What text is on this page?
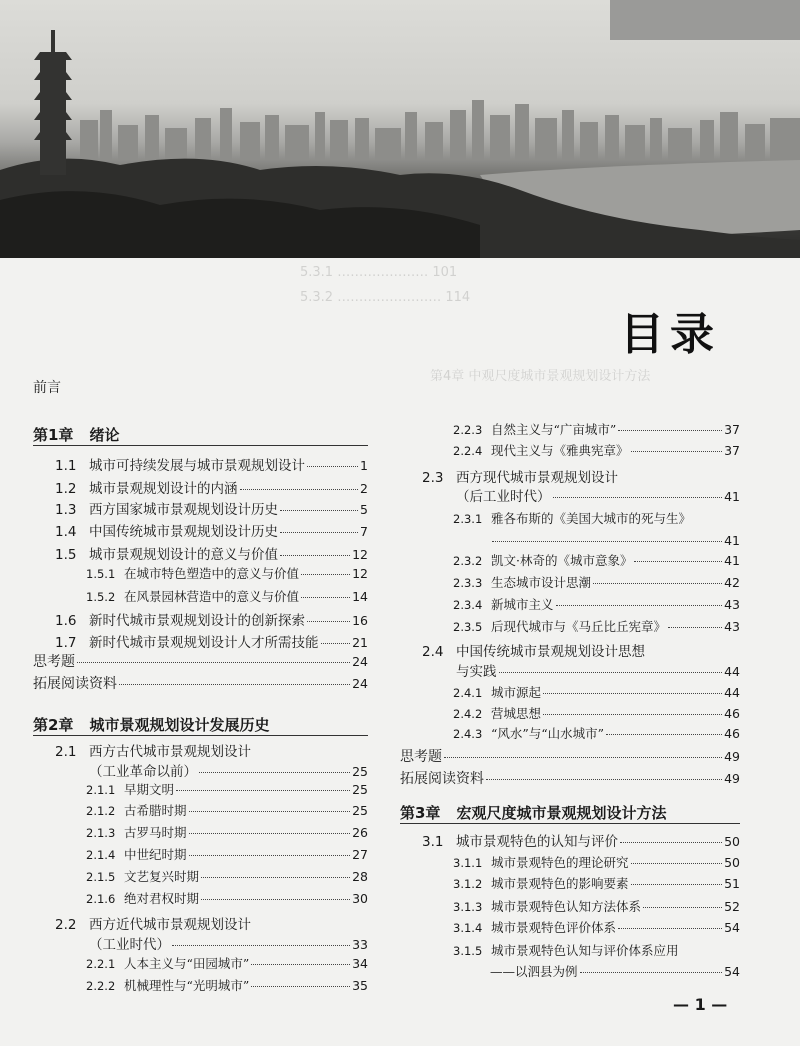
5.3.1 ………………… 101
5.3.2 …………………… 114
第4章 中观尺度城市景观规划设计方法
目录
前言
第1章 绪论
1.1 城市可持续发展与城市景观规划设计	1
1.2 城市景观规划设计的内涵	2
1.3 西方国家城市景观规划设计历史	5
1.4 中国传统城市景观规划设计历史	7
1.5 城市景观规划设计的意义与价值	12
1.5.1 在城市特色塑造中的意义与价值	12
1.5.2 在风景园林营造中的意义与价值	14
1.6 新时代城市景观规划设计的创新探索	16
1.7 新时代城市景观规划设计人才所需技能	21
思考题	24
拓展阅读资料	24
第2章 城市景观规划设计发展历史
2.1 西方古代城市景观规划设计
（工业革命以前）	25
2.1.1 早期文明	25
2.1.2 古希腊时期	25
2.1.3 古罗马时期	26
2.1.4 中世纪时期	27
2.1.5 文艺复兴时期	28
2.1.6 绝对君权时期	30
2.2 西方近代城市景观规划设计
（工业时代）	33
2.2.1 人本主义与“田园城市”	34
2.2.2 机械理性与“光明城市”	35
2.2.3 自然主义与“广亩城市”	37
2.2.4 现代主义与《雅典宪章》	37
2.3 西方现代城市景观规划设计
（后工业时代）	41
2.3.1 雅各布斯的《美国大城市的死与生》
41
2.3.2 凯文·林奇的《城市意象》	41
2.3.3 生态城市设计思潮	42
2.3.4 新城市主义	43
2.3.5 后现代城市与《马丘比丘宪章》	43
2.4 中国传统城市景观规划设计思想
与实践	44
2.4.1 城市源起	44
2.4.2 营城思想	46
2.4.3 “风水”与“山水城市”	46
思考题	49
拓展阅读资料	49
第3章 宏观尺度城市景观规划设计方法
3.1 城市景观特色的认知与评价	50
3.1.1 城市景观特色的理论研究	50
3.1.2 城市景观特色的影响要素	51
3.1.3 城市景观特色认知方法体系	52
3.1.4 城市景观特色评价体系	54
3.1.5 城市景观特色认知与评价体系应用
——以泗县为例	54
— 1 —
